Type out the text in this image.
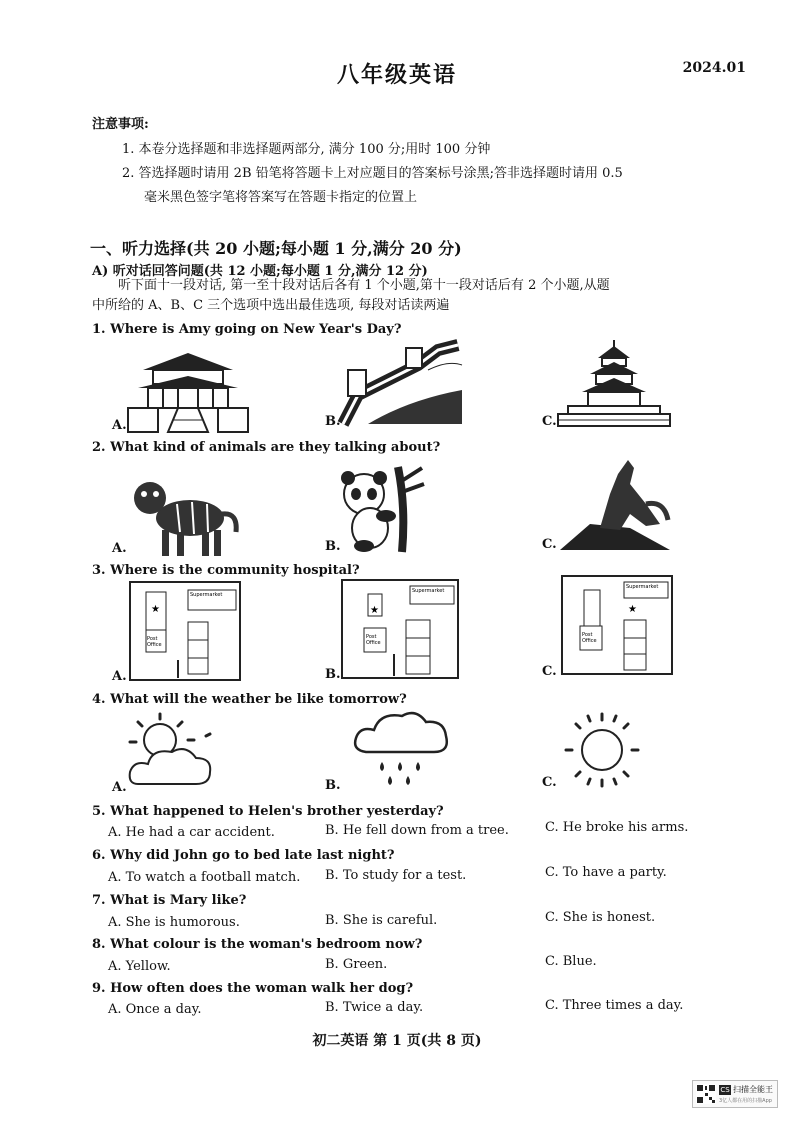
八年级英语	2024.01
注意事项:
1. 本卷分选择题和非选择题两部分, 满分 100 分;用时 100 分钟
2. 答选择题时请用 2B 铅笔将答题卡上对应题目的答案标号涂黑;答非选择题时请用 0.5
毫米黑色签字笔将答案写在答题卡指定的位置上
一、听力选择(共 20 小题;每小题 1 分,满分 20 分)
A) 听对话回答问题(共 12 小题;每小题 1 分,满分 12 分)
听下面十一段对话, 第一至十段对话后各有 1 个小题,第十一段对话后有 2 个小题,从题
中所给的 A、B、C 三个选项中选出最佳选项, 每段对话读两遍
1. Where is Amy going on New Year's Day?
A.	B.	C.
2. What kind of animals are they talking about?
A.	B.	C.
3. Where is the community hospital?
A.	B.	C.
★
Post
Office
Supermarket
★
Post
Office
Supermarket
Post
Office
Supermarket
★
4. What will the weather be like tomorrow?
A.	B.	C.
5. What happened to Helen's brother yesterday?
A. He had a car accident.	B. He fell down from a tree.	C. He broke his arms.
6. Why did John go to bed late last night?
A. To watch a football match. B. To study for a test.	C. To have a party.
7. What is Mary like?
A. She is humorous.	B. She is careful.	C. She is honest.
8. What colour is the woman's bedroom now?
A. Yellow.	B. Green.	C. Blue.
9. How often does the woman walk her dog?
A. Once a day.	B. Twice a day.	C. Three times a day.
初二英语 第 1 页(共 8 页)
CS 扫描全能王
3亿人都在用的扫描App
